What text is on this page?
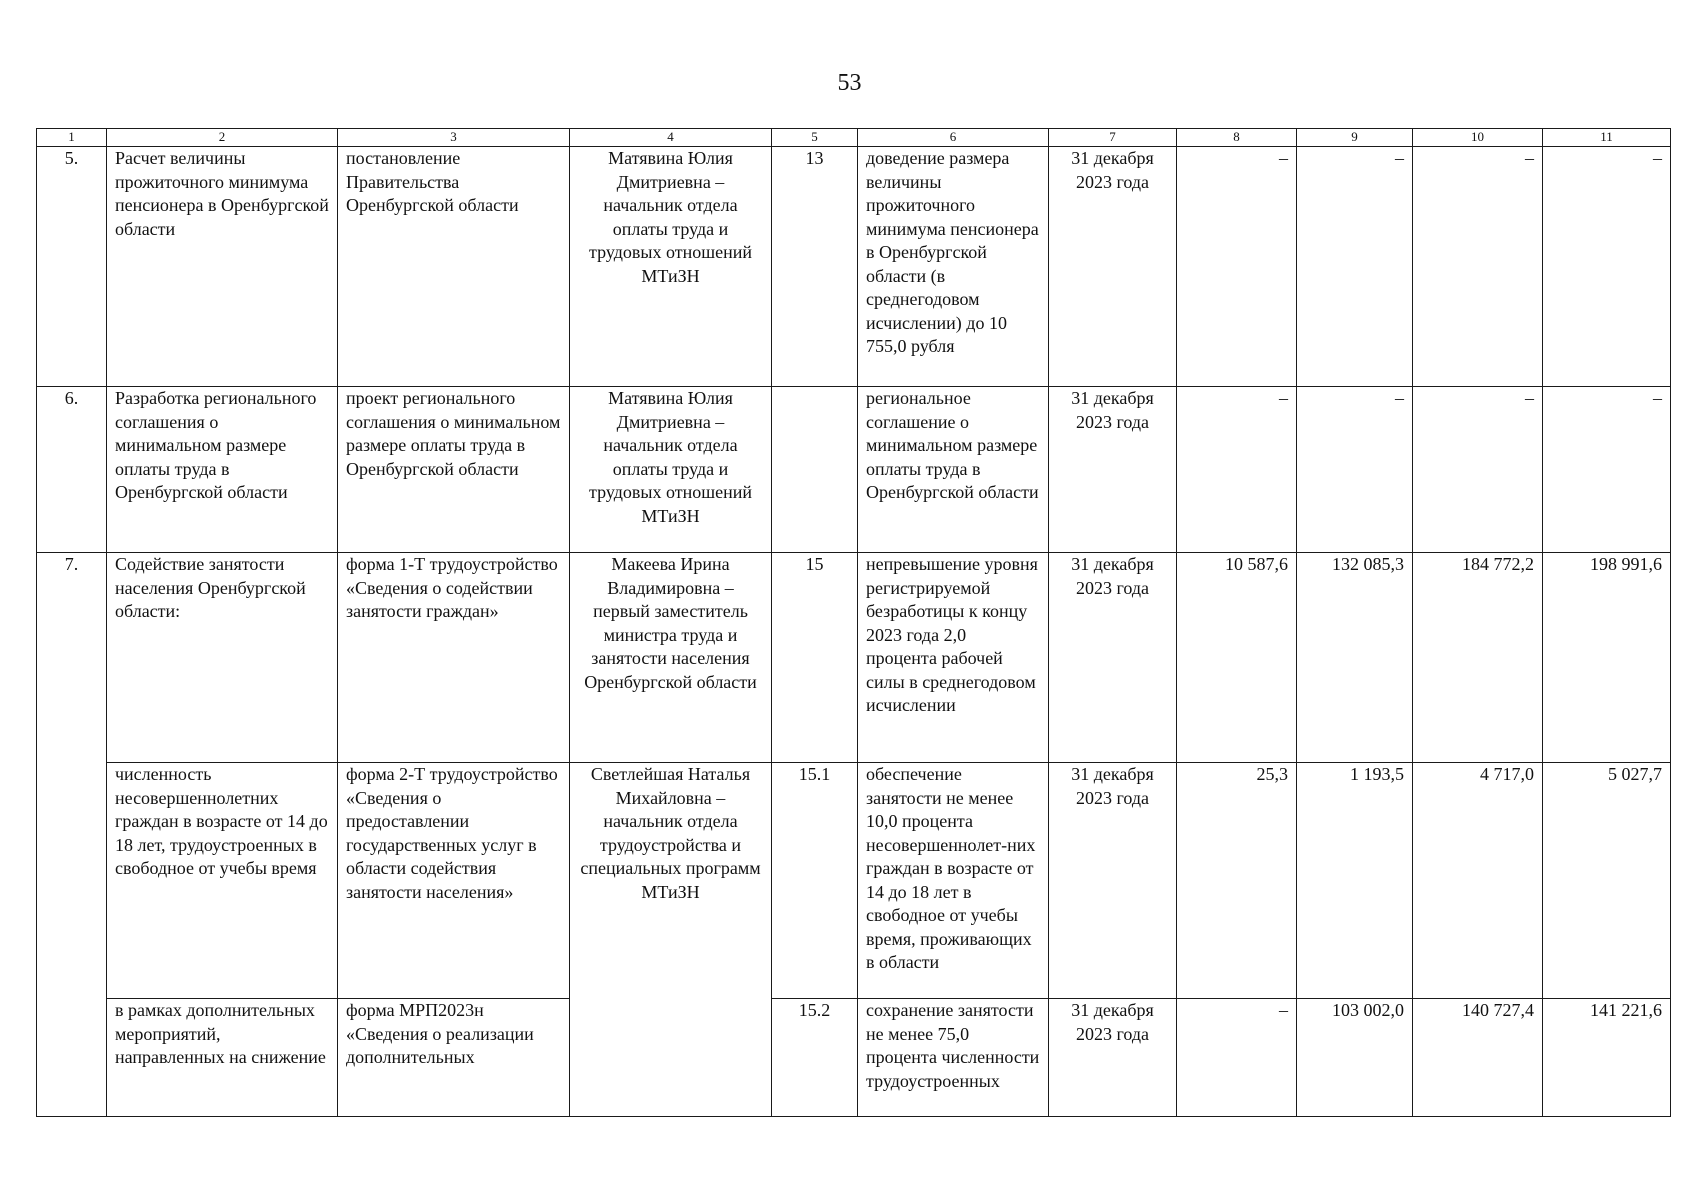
53
1	2	3	4	5	6	7	8	9	10	11
5.	Расчет величины прожиточного минимума пенсионера в Оренбургской области	постановление Правительства Оренбургской области	Матявина Юлия Дмитриевна – начальник отдела оплаты труда и трудовых отношений МТиЗН	13	доведение размера величины прожиточного минимума пенсионера в Оренбургской области (в среднегодовом исчислении) до 10 755,0 рубля	31 декабря 2023 года	–	–	–	–
6.	Разработка регионального соглашения о минимальном размере оплаты труда в Оренбургской области	проект регионального соглашения о минимальном размере оплаты труда в Оренбургской области	Матявина Юлия Дмитриевна – начальник отдела оплаты труда и трудовых отношений МТиЗН		региональное соглашение о минимальном размере оплаты труда в Оренбургской области	31 декабря 2023 года	–	–	–	–
7.	Содействие занятости населения Оренбургской области:	форма 1-Т трудоустройство «Сведения о содействии занятости граждан»	Макеева Ирина Владимировна – первый заместитель министра труда и занятости населения Оренбургской области	15	непревышение уровня регистрируемой безработицы к концу 2023 года 2,0 процента рабочей силы в среднегодовом исчислении	31 декабря 2023 года	10 587,6	132 085,3	184 772,2	198 991,6
	численность несовершеннолетних граждан в возрасте от 14 до 18 лет, трудоустроенных в свободное от учебы время	форма 2-Т трудоустройство «Сведения о предоставлении государственных услуг в области содействия занятости населения»	Светлейшая Наталья Михайловна – начальник отдела трудоустройства и специальных программ МТиЗН	15.1	обеспечение занятости не менее 10,0 процента несовершеннолет-них граждан в возрасте от 14 до 18 лет в свободное от учебы время, проживающих в области	31 декабря 2023 года	25,3	1 193,5	4 717,0	5 027,7
	в рамках дополнительных мероприятий, направленных на снижение	форма МРП2023н «Сведения о реализации дополнительных		15.2	сохранение занятости не менее 75,0 процента численности трудоустроенных	31 декабря 2023 года	–	103 002,0	140 727,4	141 221,6
